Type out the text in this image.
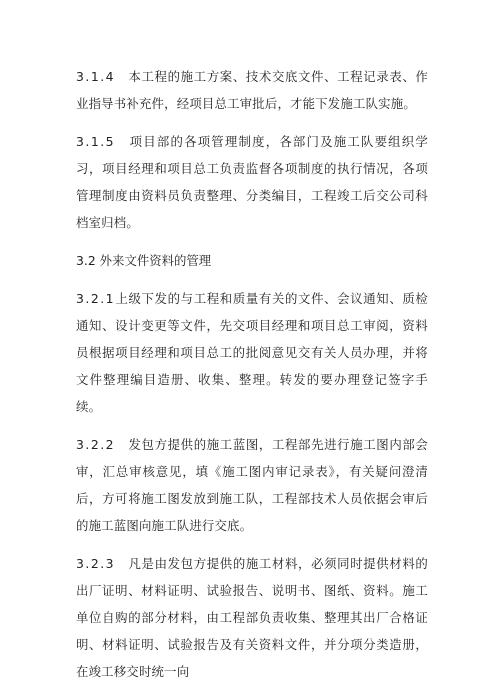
3.1.4　本工程的施工方案、技术交底文件、工程记录表、作业指导书补充件，经项目总工审批后，才能下发施工队实施。

3.1.5　项目部的各项管理制度，各部门及施工队要组织学习，项目经理和项目总工负责监督各项制度的执行情况，各项管理制度由资料员负责整理、分类编目，工程竣工后交公司科档室归档。

3.2 外来文件资料的管理

3.2.1上级下发的与工程和质量有关的文件、会议通知、质检通知、设计变更等文件，先交项目经理和项目总工审阅，资料员根据项目经理和项目总工的批阅意见交有关人员办理，并将文件整理编目造册、收集、整理。转发的要办理登记签字手续。

3.2.2　发包方提供的施工蓝图，工程部先进行施工图内部会审，汇总审核意见，填《施工图内审记录表》，有关疑问澄清后，方可将施工图发放到施工队，工程部技术人员依据会审后的施工蓝图向施工队进行交底。

3.2.3　凡是由发包方提供的施工材料，必须同时提供材料的出厂证明、材料证明、试验报告、说明书、图纸、资料。施工单位自购的部分材料，由工程部负责收集、整理其出厂合格证明、材料证明、试验报告及有关资料文件，并分项分类造册，在竣工移交时统一向
